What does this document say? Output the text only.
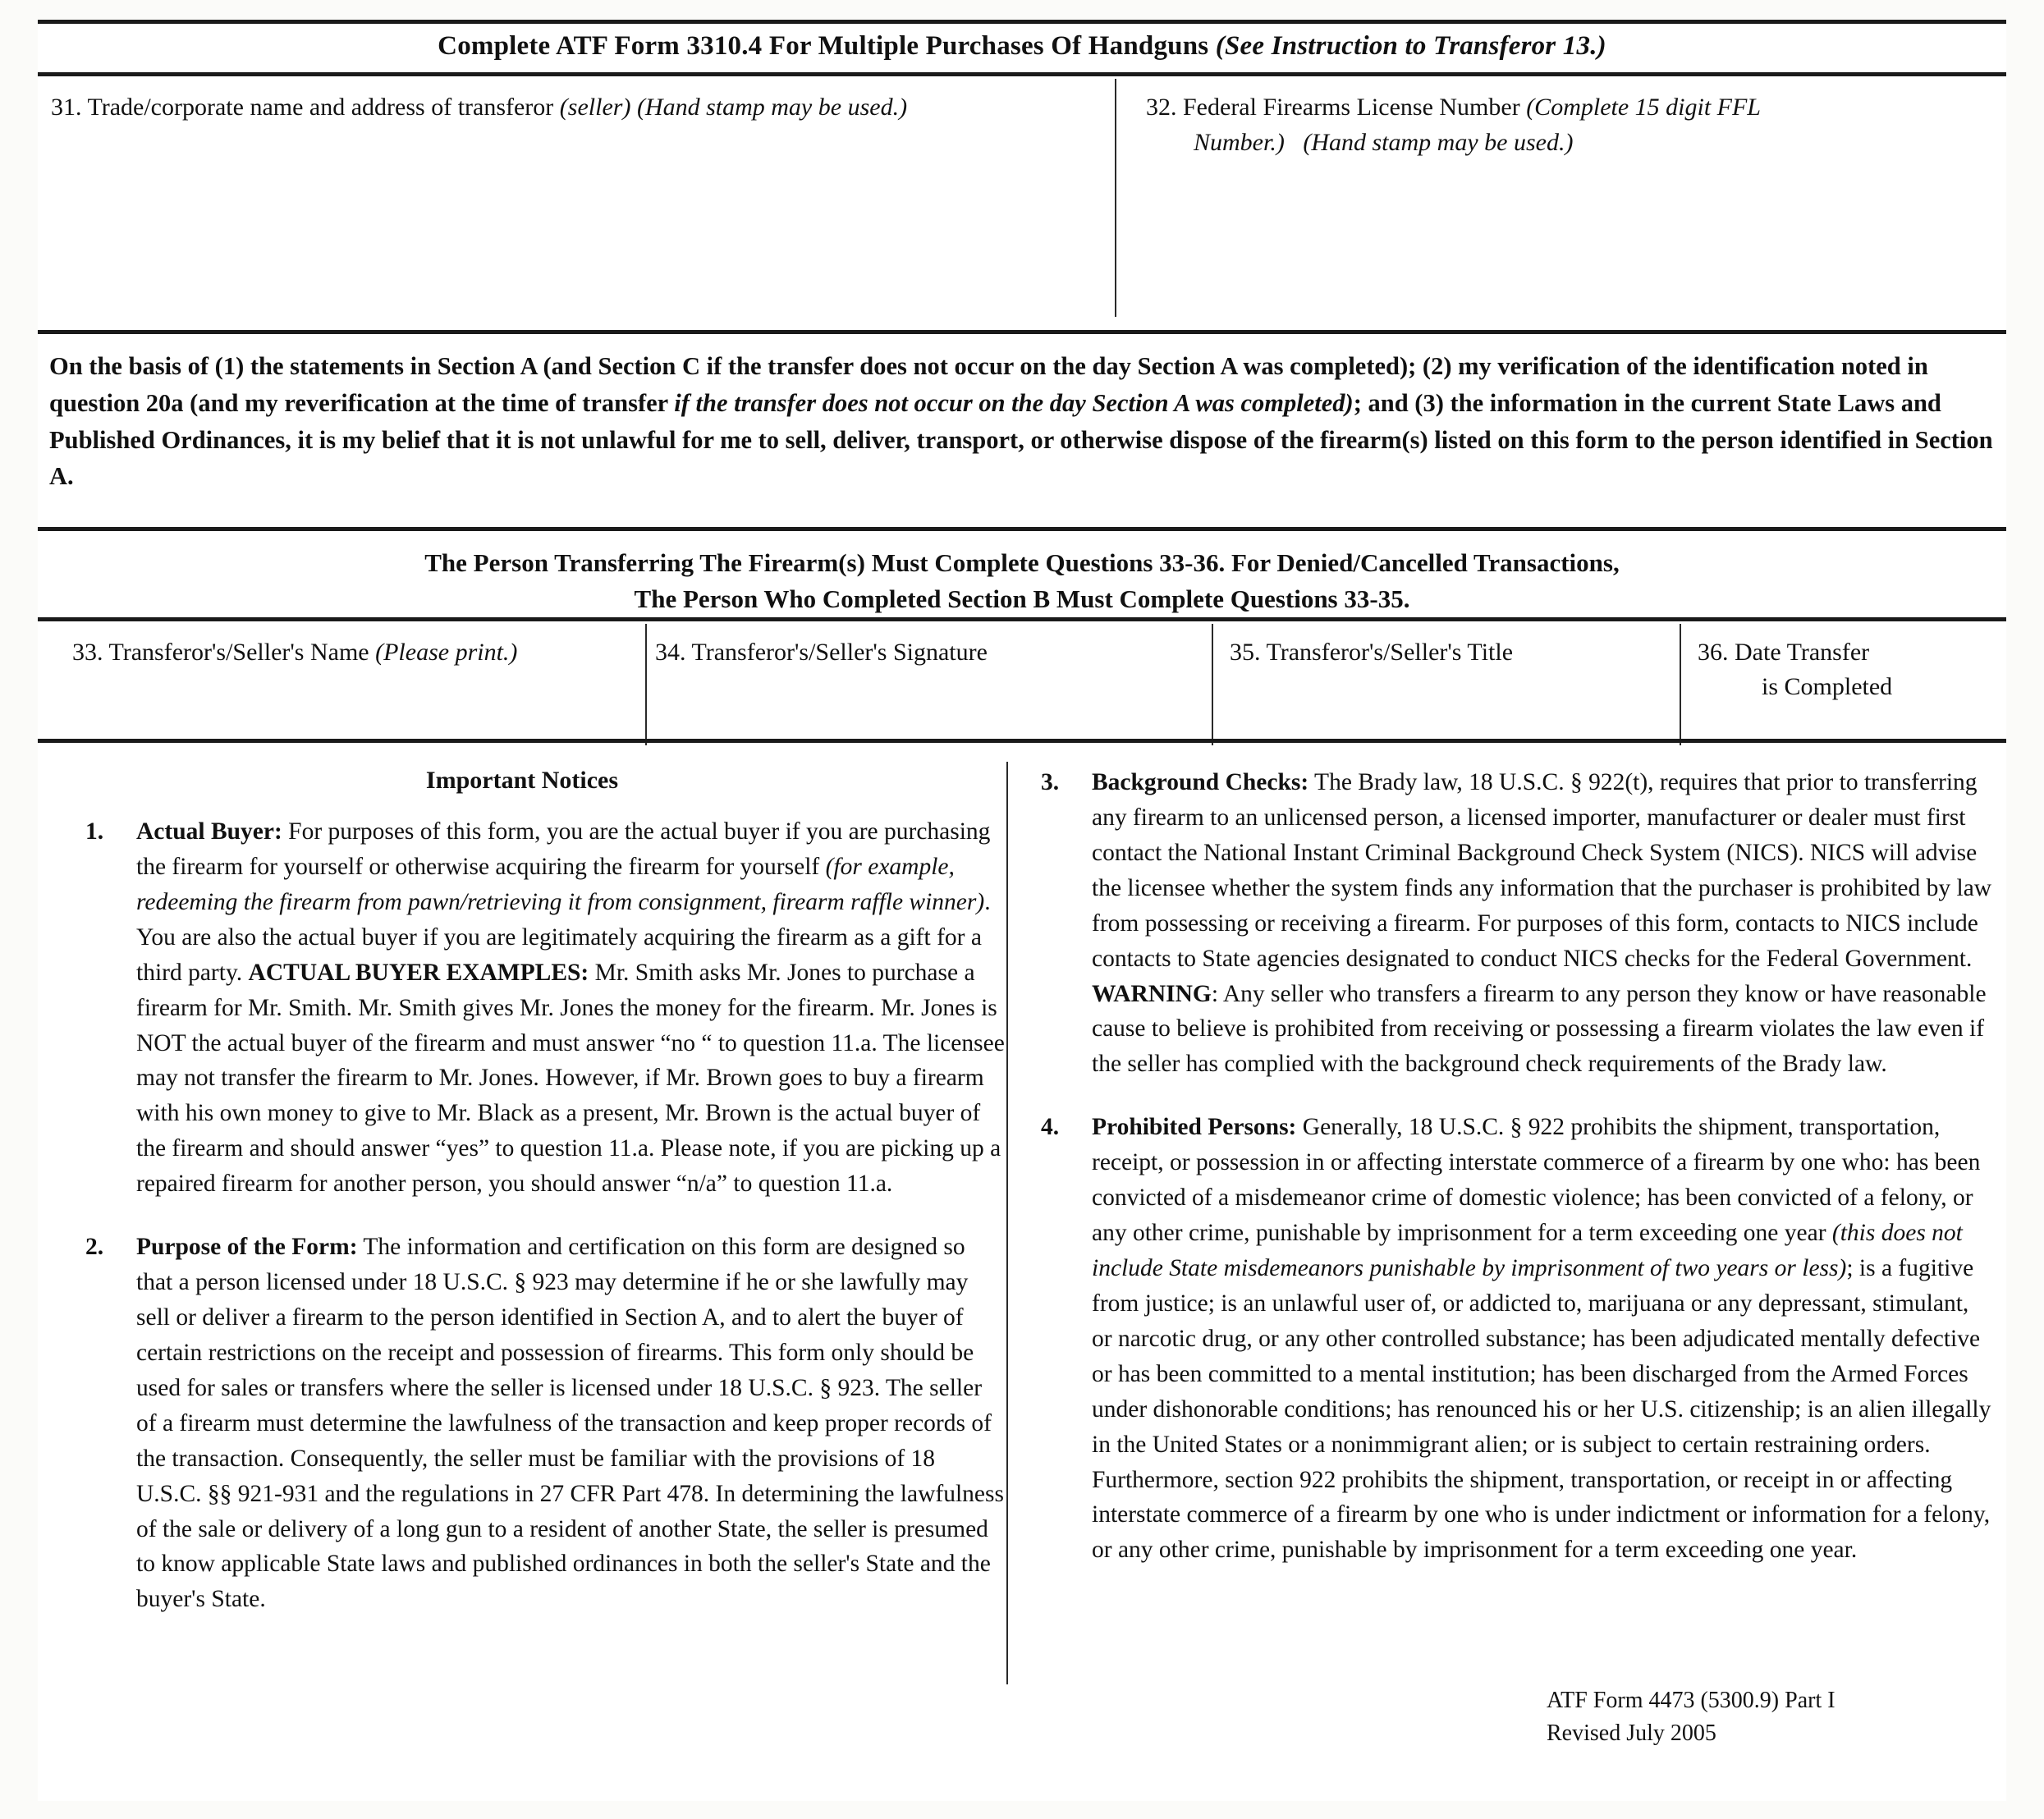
Complete ATF Form 3310.4 For Multiple Purchases Of Handguns (See Instruction to Transferor 13.)
31. Trade/corporate name and address of transferor (seller) (Hand stamp may be used.)	32. Federal Firearms License Number (Complete 15 digit FFL
Number.) (Hand stamp may be used.)
On the basis of (1) the statements in Section A (and Section C if the transfer does not occur on the day Section A was completed); (2) my verification of the identification noted in question 20a (and my reverification at the time of transfer if the transfer does not occur on the day Section A was completed); and (3) the information in the current State Laws and Published Ordinances, it is my belief that it is not unlawful for me to sell, deliver, transport, or otherwise dispose of the firearm(s) listed on this form to the person identified in Section A.
The Person Transferring The Firearm(s) Must Complete Questions 33-36. For Denied/Cancelled Transactions,
The Person Who Completed Section B Must Complete Questions 33-35.
33. Transferor's/Seller's Name (Please print.)	34. Transferor's/Seller's Signature	35. Transferor's/Seller's Title	36. Date Transfer
is Completed
Important Notices
1.	Actual Buyer: For purposes of this form, you are the actual buyer if you are purchasing the firearm for yourself or otherwise acquiring the firearm for yourself (for example, redeeming the firearm from pawn/retrieving it from consignment, firearm raffle winner). You are also the actual buyer if you are legitimately acquiring the firearm as a gift for a third party. ACTUAL BUYER EXAMPLES: Mr. Smith asks Mr. Jones to purchase a firearm for Mr. Smith. Mr. Smith gives Mr. Jones the money for the firearm. Mr. Jones is NOT the actual buyer of the firearm and must answer “no “ to question 11.a. The licensee may not transfer the firearm to Mr. Jones. However, if Mr. Brown goes to buy a firearm with his own money to give to Mr. Black as a present, Mr. Brown is the actual buyer of the firearm and should answer “yes” to question 11.a. Please note, if you are picking up a repaired firearm for another person, you should answer “n/a” to question 11.a.
2.	Purpose of the Form: The information and certification on this form are designed so that a person licensed under 18 U.S.C. § 923 may determine if he or she lawfully may sell or deliver a firearm to the person identified in Section A, and to alert the buyer of certain restrictions on the receipt and possession of firearms. This form only should be used for sales or transfers where the seller is licensed under 18 U.S.C. § 923. The seller of a firearm must determine the lawfulness of the transaction and keep proper records of the transaction. Consequently, the seller must be familiar with the provisions of 18 U.S.C. §§ 921-931 and the regulations in 27 CFR Part 478. In determining the lawfulness of the sale or delivery of a long gun to a resident of another State, the seller is presumed to know applicable State laws and published ordinances in both the seller's State and the buyer's State.
3.	Background Checks: The Brady law, 18 U.S.C. § 922(t), requires that prior to transferring any firearm to an unlicensed person, a licensed importer, manufacturer or dealer must first contact the National Instant Criminal Background Check System (NICS). NICS will advise the licensee whether the system finds any information that the purchaser is prohibited by law from possessing or receiving a firearm. For purposes of this form, contacts to NICS include contacts to State agencies designated to conduct NICS checks for the Federal Government. WARNING: Any seller who transfers a firearm to any person they know or have reasonable cause to believe is prohibited from receiving or possessing a firearm violates the law even if the seller has complied with the background check requirements of the Brady law.
4.	Prohibited Persons: Generally, 18 U.S.C. § 922 prohibits the shipment, transportation, receipt, or possession in or affecting interstate commerce of a firearm by one who: has been convicted of a misdemeanor crime of domestic violence; has been convicted of a felony, or any other crime, punishable by imprisonment for a term exceeding one year (this does not include State misdemeanors punishable by imprisonment of two years or less); is a fugitive from justice; is an unlawful user of, or addicted to, marijuana or any depressant, stimulant, or narcotic drug, or any other controlled substance; has been adjudicated mentally defective or has been committed to a mental institution; has been discharged from the Armed Forces under dishonorable conditions; has renounced his or her U.S. citizenship; is an alien illegally in the United States or a nonimmigrant alien; or is subject to certain restraining orders. Furthermore, section 922 prohibits the shipment, transportation, or receipt in or affecting interstate commerce of a firearm by one who is under indictment or information for a felony, or any other crime, punishable by imprisonment for a term exceeding one year.
ATF Form 4473 (5300.9) Part I
Revised July 2005
